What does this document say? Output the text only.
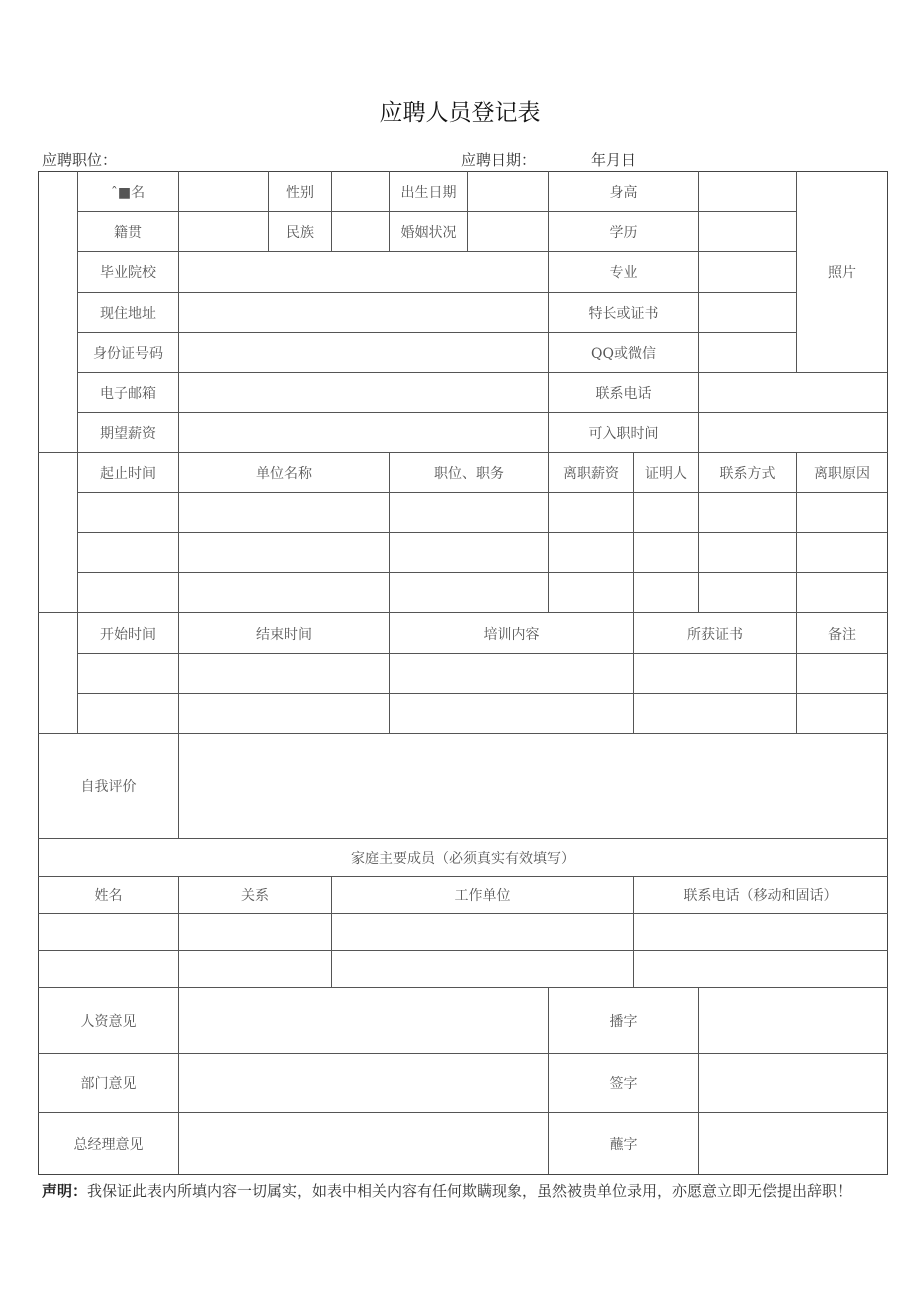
应聘人员登记表
应聘职位：	应聘日期：	年月日
ˆ■名	性别	出生日期	身高
籍贯	民族	婚姻状况	学历
毕业院校	专业
现住地址	特长或证书
身份证号码	QQ或微信
照片
电子邮箱	联系电话
期望薪资	可入职时间
起止时间	单位名称	职位、职务	离职薪资	证明人	联系方式	离职原因
开始时间	结束时间	培训内容	所获证书	备注
自我评价
家庭主要成员（必须真实有效填写）
姓名	关系	工作单位	联系电话（移动和固话）
人资意见	播字
部门意见	签字
总经理意见	蘸字
声明：我保证此表内所填内容一切属实，如表中相关内容有任何欺瞒现象，虽然被贵单位录用，亦愿意立即无偿提出辞职！
